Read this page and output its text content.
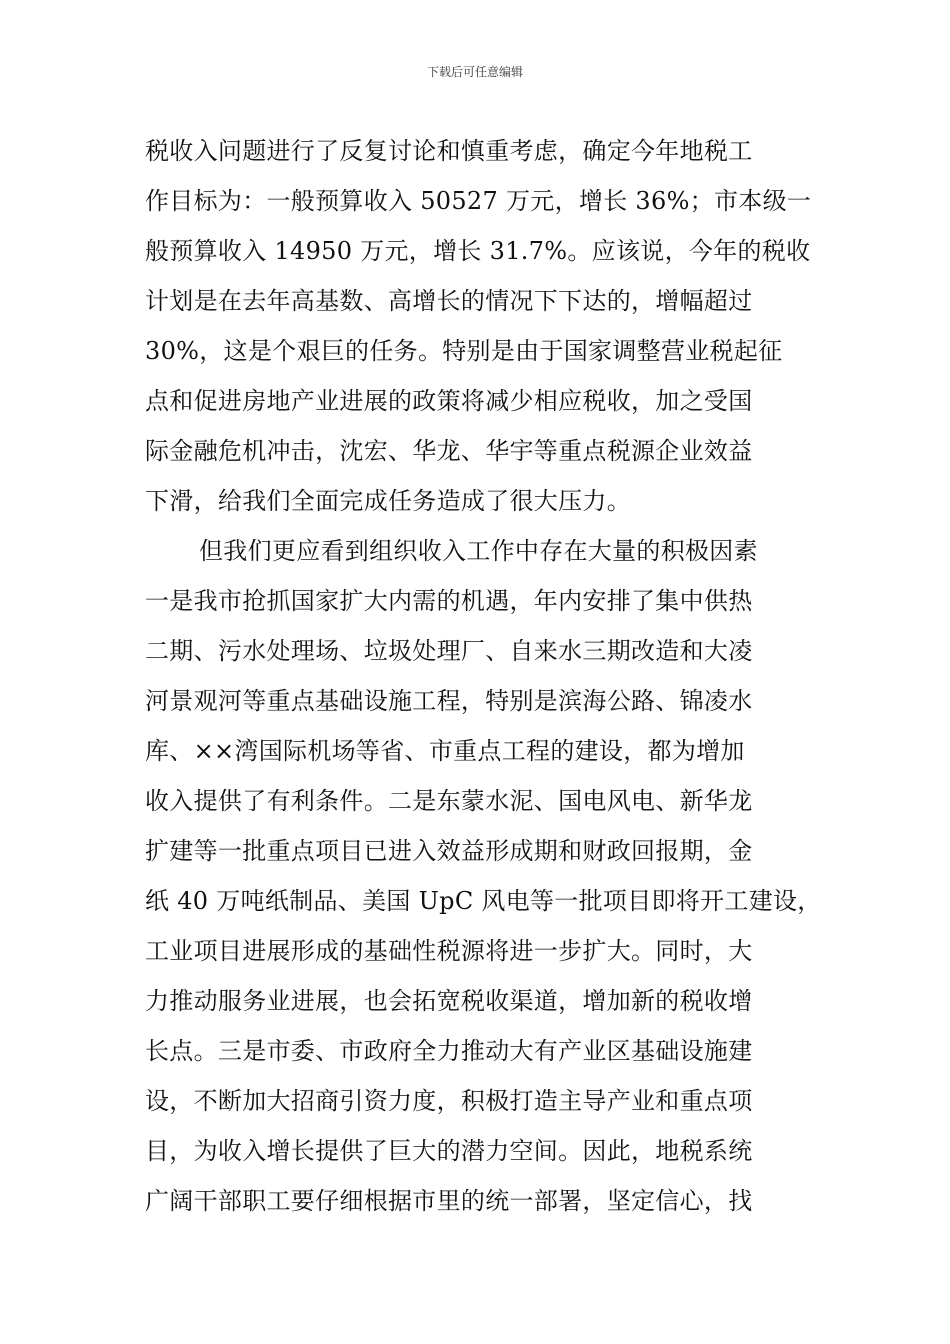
下载后可任意编辑
税收入问题进行了反复讨论和慎重考虑，确定今年地税工
作目标为：一般预算收入 50527 万元，增长 36%；市本级一
般预算收入 14950 万元，增长 31.7%。应该说，今年的税收
计划是在去年高基数、高增长的情况下下达的，增幅超过
30%，这是个艰巨的任务。特别是由于国家调整营业税起征
点和促进房地产业进展的政策将减少相应税收，加之受国
际金融危机冲击，沈宏、华龙、华宇等重点税源企业效益
下滑，给我们全面完成任务造成了很大压力。
但我们更应看到组织收入工作中存在大量的积极因素
一是我市抢抓国家扩大内需的机遇，年内安排了集中供热
二期、污水处理场、垃圾处理厂、自来水三期改造和大凌
河景观河等重点基础设施工程，特别是滨海公路、锦凌水
库、××湾国际机场等省、市重点工程的建设，都为增加
收入提供了有利条件。二是东蒙水泥、国电风电、新华龙
扩建等一批重点项目已进入效益形成期和财政回报期，金
纸 40 万吨纸制品、美国 UpC 风电等一批项目即将开工建设，
工业项目进展形成的基础性税源将进一步扩大。同时，大
力推动服务业进展，也会拓宽税收渠道，增加新的税收增
长点。三是市委、市政府全力推动大有产业区基础设施建
设，不断加大招商引资力度，积极打造主导产业和重点项
目，为收入增长提供了巨大的潜力空间。因此，地税系统
广阔干部职工要仔细根据市里的统一部署，坚定信心，找
